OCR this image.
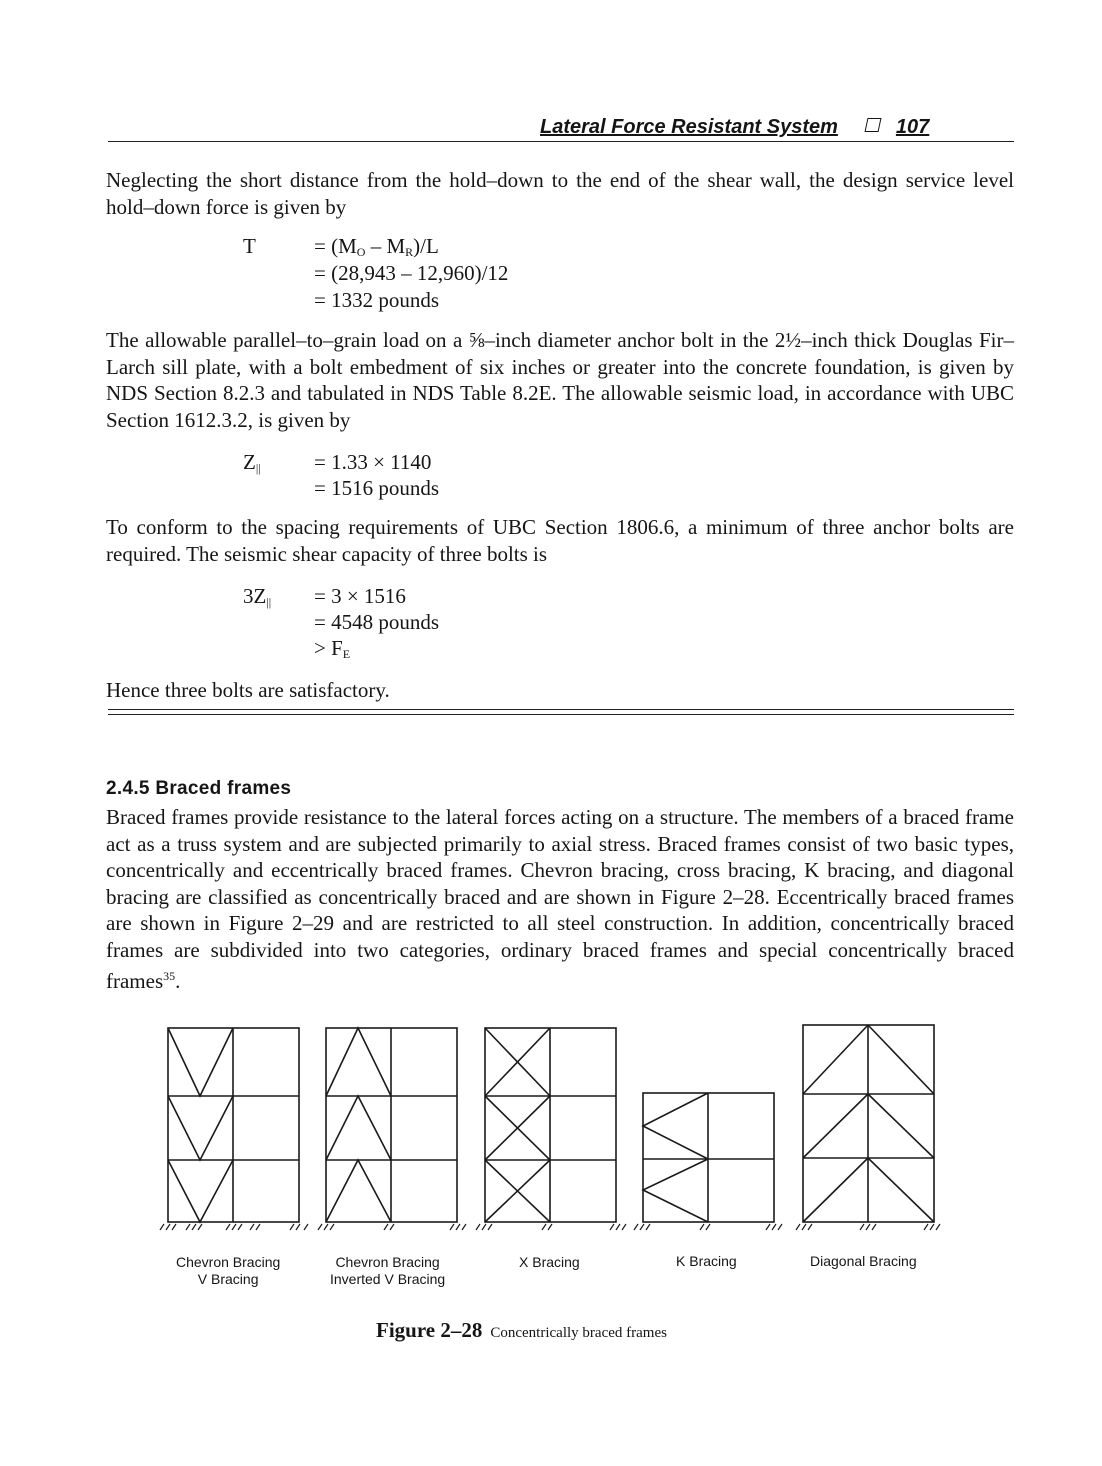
Lateral Force Resistant System	107
Neglecting the short distance from the hold–down to the end of the shear wall, the design service level hold–down force is given by
T	= $(M_O - M_R)/L$
= (28,943 – 12,960)/12
= 1332 pounds
The allowable parallel–to–grain load on a ⅝–inch diameter anchor bolt in the 2½–inch thick Douglas Fir–Larch sill plate, with a bolt embedment of six inches or greater into the concrete foundation, is given by NDS Section 8.2.3 and tabulated in NDS Table 8.2E. The allowable seismic load, in accordance with UBC Section 1612.3.2, is given by
$Z_{||}$	= 1.33 × 1140
= 1516 pounds
To conform to the spacing requirements of UBC Section 1806.6, a minimum of three anchor bolts are required. The seismic shear capacity of three bolts is
$3Z_{||} = 3 \times 1516$
= 4548 pounds
> $F_E$
Hence three bolts are satisfactory.
2.4.5 Braced frames
Braced frames provide resistance to the lateral forces acting on a structure. The members of a braced frame act as a truss system and are subjected primarily to axial stress. Braced frames consist of two basic types, concentrically and eccentrically braced frames. Chevron bracing, cross bracing, K bracing, and diagonal bracing are classified as concentrically braced and are shown in Figure 2–28. Eccentrically braced frames are shown in Figure 2–29 and are restricted to all steel construction. In addition, concentrically braced frames are subdivided into two categories, ordinary braced frames and special concentrically braced frames$^{35}$.
Chevron Bracing
V Bracing
Chevron Bracing
Inverted V Bracing
X Bracing	K Bracing	Diagonal Bracing
Figure 2–28 Concentrically braced frames
